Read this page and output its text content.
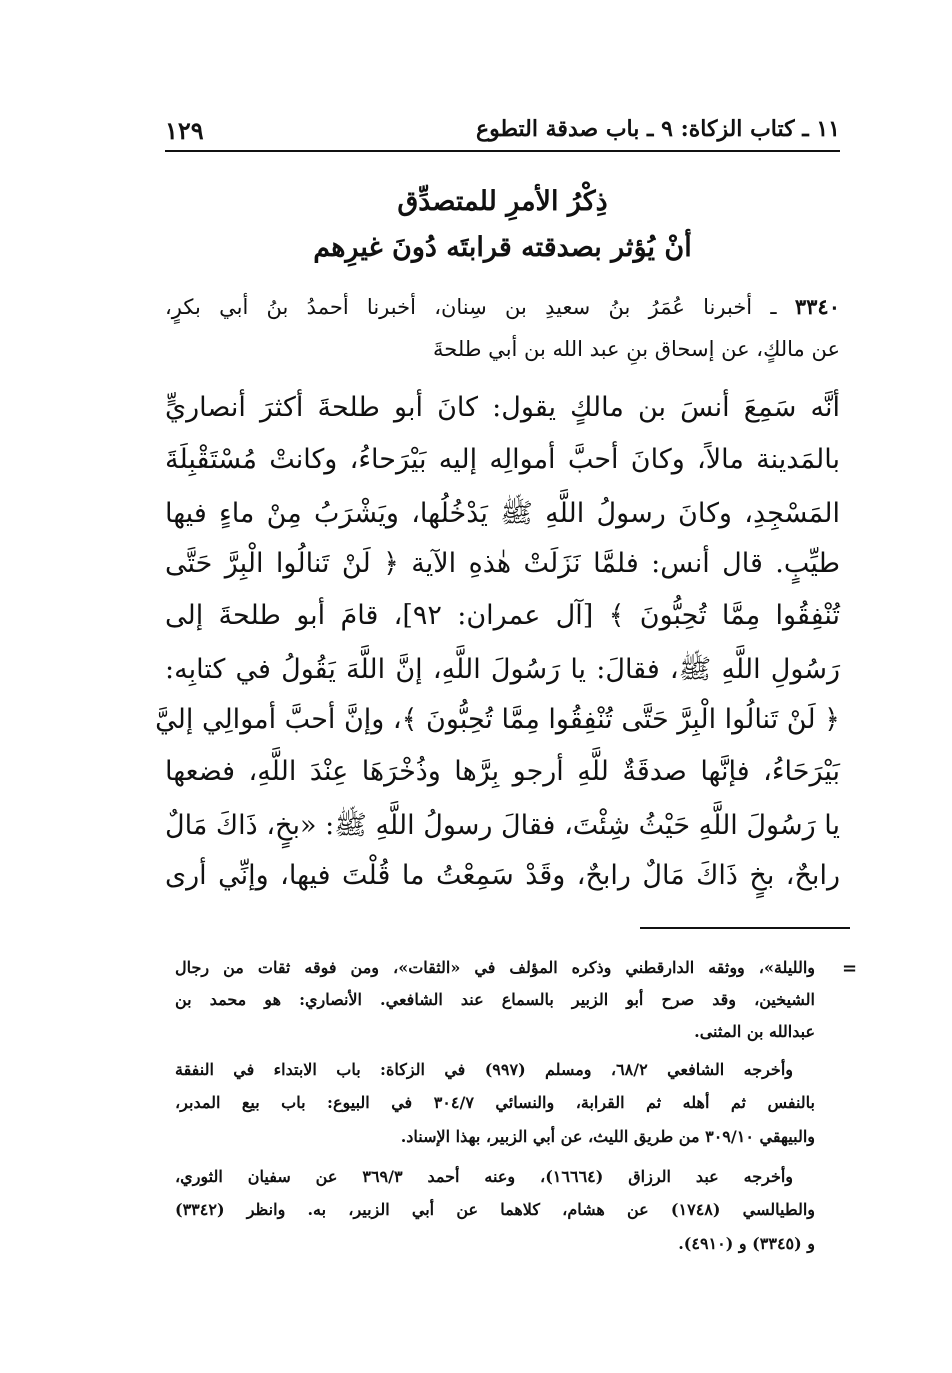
١١ ـ كتاب الزكاة: ٩ ـ باب صدقة التطوع
١٢٩
ذِكْرُ الأمرِ للمتصدِّق
أنْ يُؤثر بصدقته قرابتَه دُونَ غيرِهم
٣٣٤٠ ـ أخبرنا عُمَرُ بنُ سعيدِ بن سِنان، أخبرنا أحمدُ بنُ أبي بكرٍ،
عن مالكٍ، عن إسحاق بنِ عبد الله بن أبي طلحةَ
أنَّه سَمِعَ أنسَ بن مالكٍ يقول: كانَ أبو طلحةَ أكثرَ أنصاريٍّ
بالمَدينة مالاً، وكانَ أحبَّ أموالِه إليه بَيْرَحاءُ، وكانتْ مُسْتَقْبِلَةَ
المَسْجِدِ، وكانَ رسولُ اللَّهِ ﷺ يَدْخُلُها، ويَشْرَبُ مِنْ ماءٍ فيها
طيِّبٍ. قال أنس: فلمَّا نَزَلَتْ هٰذهِ الآية ﴿ لَنْ تَنالُوا الْبِرَّ حَتَّى
تُنْفِقُوا مِمَّا تُحِبُّونَ ﴾ [آل عمران: ٩٢]، قامَ أبو طلحةَ إلى
رَسُولِ اللَّهِ ﷺ، فقالَ: يا رَسُولَ اللَّهِ، إنَّ اللَّهَ يَقُولُ في كتابِه:
﴿ لَنْ تَنالُوا الْبِرَّ حَتَّى تُنْفِقُوا مِمَّا تُحِبُّونَ ﴾، وإنَّ أحبَّ أموالِي إليَّ
بَيْرَحَاءُ، فإنَّها صدقَةٌ للَّهِ أرجو بِرَّها وذُخْرَهَا عِنْدَ اللَّهِ، فضعها
يا رَسُولَ اللَّهِ حَيْثُ شِئْتَ، فقالَ رسولُ اللَّهِ ﷺ: «بخٍ، ذَاكَ مَالٌ
رابحٌ، بخٍ ذَاكَ مَالٌ رابحٌ، وقَدْ سَمِعْتُ ما قُلْتَ فيها، وإنِّي أرى
=
والليلة»، ووثقه الدارقطني وذكره المؤلف في «الثقات»، ومن فوقه ثقات من رجال
الشيخين، وقد صرح أبو الزبير بالسماع عند الشافعي. الأنصاري: هو محمد بن
عبدالله بن المثنى.
وأخرجه الشافعي ٦٨/٢، ومسلم (٩٩٧) في الزكاة: باب الابتداء في النفقة
بالنفس ثم أهله ثم القرابة، والنسائي ٣٠٤/٧ في البيوع: باب بيع المدبر،
والبيهقي ٣٠٩/١٠ من طريق الليث، عن أبي الزبير، بهذا الإسناد.
وأخرجه عبد الرزاق (١٦٦٦٤)، وعنه أحمد ٣٦٩/٣ عن سفيان الثوري،
والطيالسي (١٧٤٨) عن هشام، كلاهما عن أبي الزبير، به. وانظر (٣٣٤٢)
و (٣٣٤٥) و (٤٩١٠).
